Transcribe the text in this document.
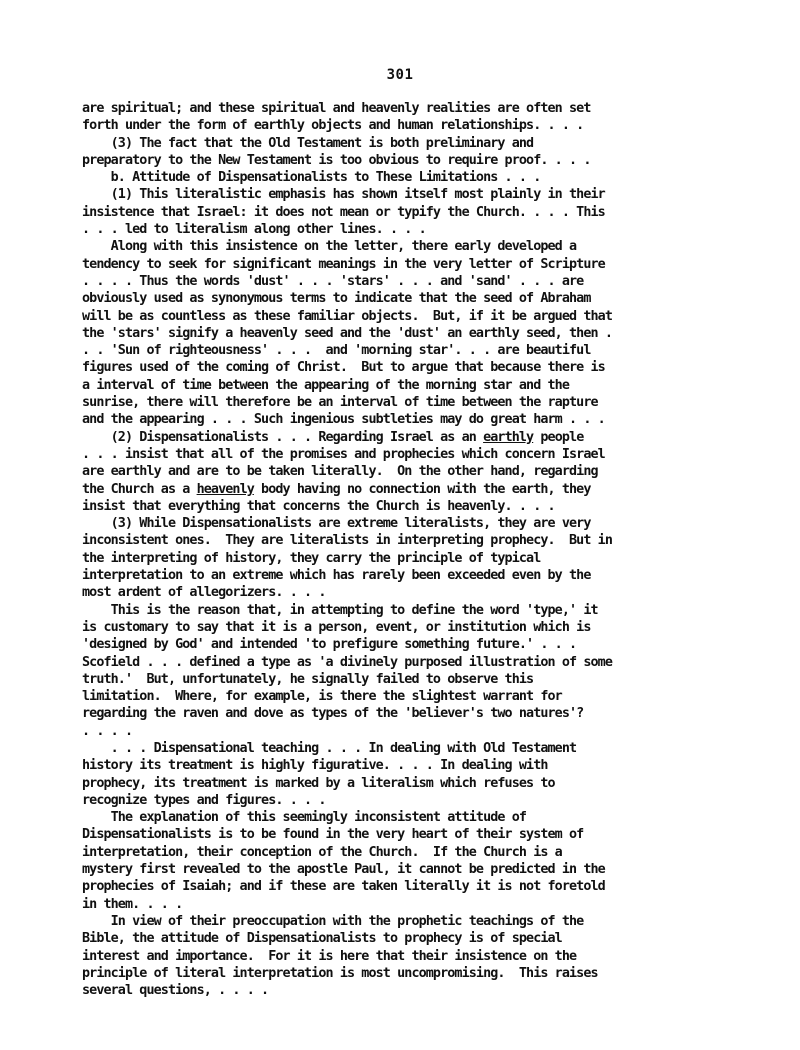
301
are spiritual; and these spiritual and heavenly realities are often set
forth under the form of earthly objects and human relationships. . . .
(3) The fact that the Old Testament is both preliminary and
preparatory to the New Testament is too obvious to require proof. . . .
b. Attitude of Dispensationalists to These Limitations . . .
(1) This literalistic emphasis has shown itself most plainly in their
insistence that Israel: it does not mean or typify the Church. . . . This
. . . led to literalism along other lines. . . .
Along with this insistence on the letter, there early developed a
tendency to seek for significant meanings in the very letter of Scripture
. . . . Thus the words 'dust' . . . 'stars' . . . and 'sand' . . . are
obviously used as synonymous terms to indicate that the seed of Abraham
will be as countless as these familiar objects.  But, if it be argued that
the 'stars' signify a heavenly seed and the 'dust' an earthly seed, then .
. . 'Sun of righteousness' . . .  and 'morning star'. . . are beautiful
figures used of the coming of Christ.  But to argue that because there is
a interval of time between the appearing of the morning star and the
sunrise, there will therefore be an interval of time between the rapture
and the appearing . . . Such ingenious subtleties may do great harm . . .
(2) Dispensationalists . . . Regarding Israel as an earthly people
. . . insist that all of the promises and prophecies which concern Israel
are earthly and are to be taken literally.  On the other hand, regarding
the Church as a heavenly body having no connection with the earth, they
insist that everything that concerns the Church is heavenly. . . .
(3) While Dispensationalists are extreme literalists, they are very
inconsistent ones.  They are literalists in interpreting prophecy.  But in
the interpreting of history, they carry the principle of typical
interpretation to an extreme which has rarely been exceeded even by the
most ardent of allegorizers. . . .
This is the reason that, in attempting to define the word 'type,' it
is customary to say that it is a person, event, or institution which is
'designed by God' and intended 'to prefigure something future.' . . .
Scofield . . . defined a type as 'a divinely purposed illustration of some
truth.'  But, unfortunately, he signally failed to observe this
limitation.  Where, for example, is there the slightest warrant for
regarding the raven and dove as types of the 'believer's two natures'?
. . . .
. . . Dispensational teaching . . . In dealing with Old Testament
history its treatment is highly figurative. . . . In dealing with
prophecy, its treatment is marked by a literalism which refuses to
recognize types and figures. . . .
The explanation of this seemingly inconsistent attitude of
Dispensationalists is to be found in the very heart of their system of
interpretation, their conception of the Church.  If the Church is a
mystery first revealed to the apostle Paul, it cannot be predicted in the
prophecies of Isaiah; and if these are taken literally it is not foretold
in them. . . .
In view of their preoccupation with the prophetic teachings of the
Bible, the attitude of Dispensationalists to prophecy is of special
interest and importance.  For it is here that their insistence on the
principle of literal interpretation is most uncompromising.  This raises
several questions, . . . .
